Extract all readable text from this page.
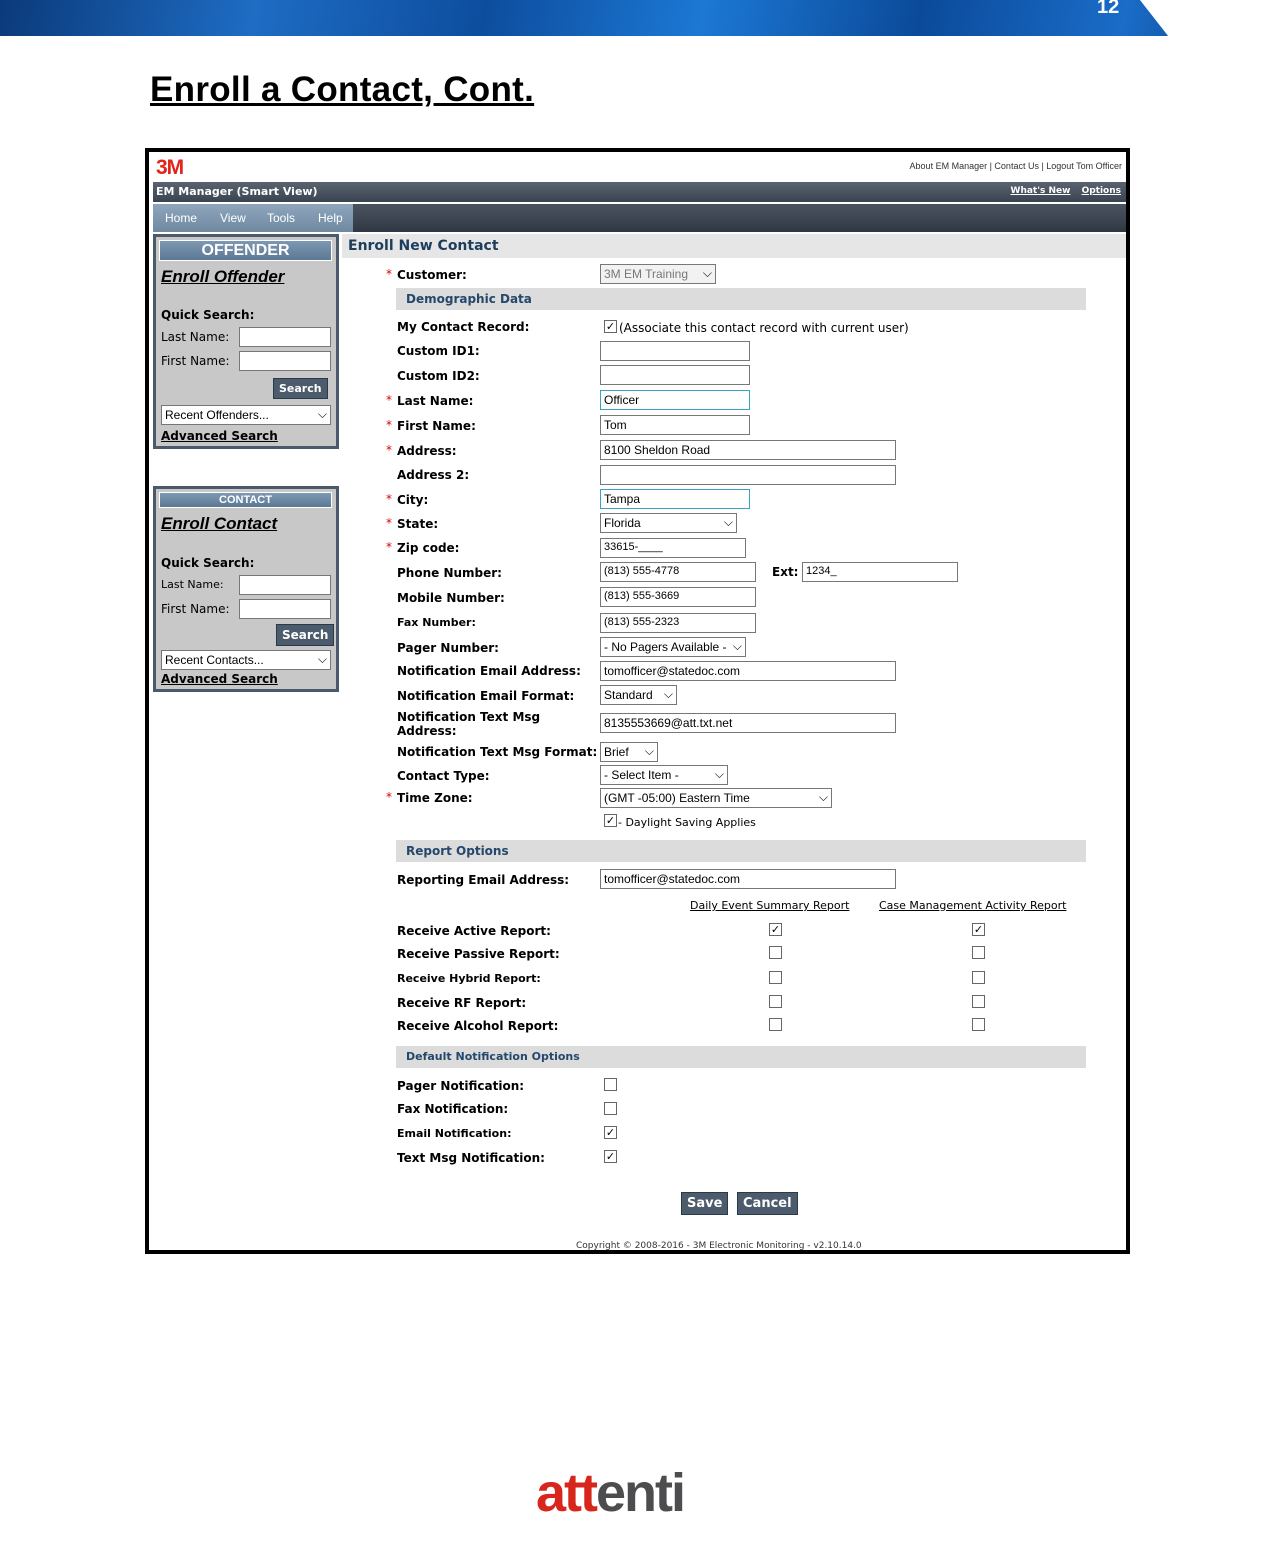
12
Enroll a Contact, Cont.
3M	About EM Manager | Contact Us | Logout Tom Officer
EM Manager (Smart View)	What's New Options
Home View Tools Help
OFFENDER
Enroll Offender
Quick Search:
Last Name:
First Name:
Search
Recent Offenders...	⌵
Advanced Search
CONTACT
Enroll Contact
Quick Search:
Last Name:
First Name:
Search
Recent Contacts...	⌵
Advanced Search
Enroll New Contact
* Customer:	3M EM Training ⌵
Demographic Data
My Contact Record:	✓ (Associate this contact record with current user)
Custom ID1:
Custom ID2:
* Last Name:	Officer
* First Name:	Tom
* Address:	8100 Sheldon Road
Address 2:
* City:	Tampa
* State:	Florida	⌵
* Zip code:	33615-____
Phone Number:	(813) 555-4778	Ext: 1234_
Mobile Number:	(813) 555-3669
Fax Number:	(813) 555-2323
Pager Number:	- No Pagers Available - ⌵
Notification Email Address:	tomofficer@statedoc.com
Notification Email Format:	Standard ⌵
Notification Text Msg
Address:
8135553669@att.txt.net
Notification Text Msg Format: Brief ⌵
Contact Type:	- Select Item -	⌵
* Time Zone:	(GMT -05:00) Eastern Time	⌵
✓ - Daylight Saving Applies
Report Options
Reporting Email Address:	tomofficer@statedoc.com
Daily Event Summary Report	Case Management Activity Report
Receive Active Report:	✓	✓
Receive Passive Report:
Receive Hybrid Report:
Receive RF Report:
Receive Alcohol Report:
Default Notification Options
Pager Notification:
Fax Notification:
Email Notification:	✓
Text Msg Notification:	✓
Save	Cancel
Copyright © 2008-2016 - 3M Electronic Monitoring - v2.10.14.0
attenti
